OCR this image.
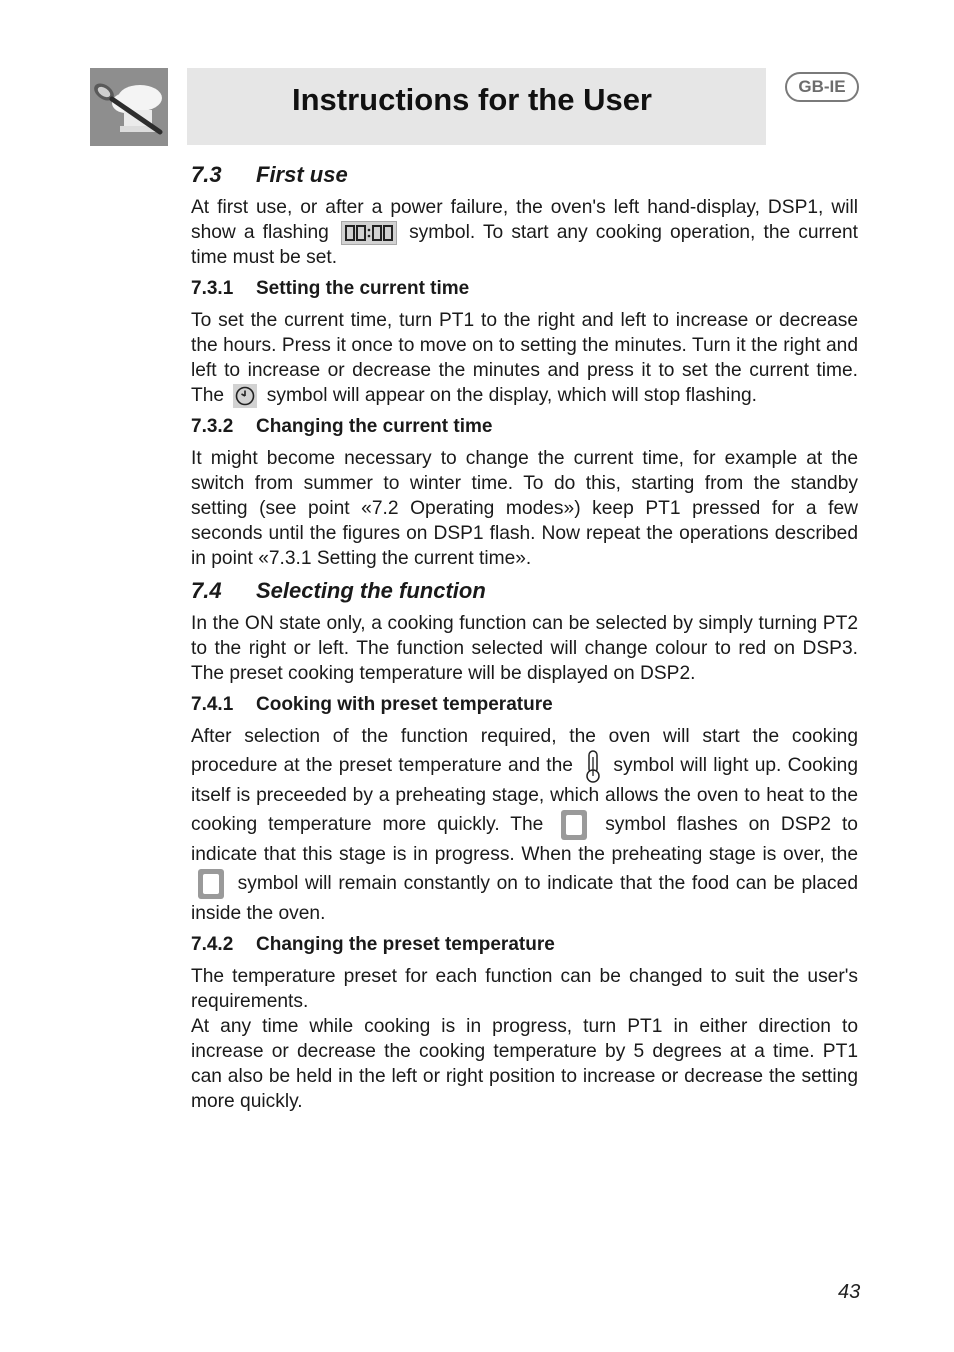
Instructions for the User	GB-IE
7.3 First use

At first use, or after a power failure, the oven's left hand-display, DSP1, will show a flashing	symbol. To start any cooking operation, the current time must be set.

7.3.1 Setting the current time

To set the current time, turn PT1 to the right and left to increase or decrease the hours. Press it once to move on to setting the minutes. Turn it the right and left to increase or decrease the minutes and press it to set the current time. The symbol will appear on the display, which will stop flashing.

7.3.2 Changing the current time

It might become necessary to change the current time, for example at the switch from summer to winter time. To do this, starting from the standby setting (see point «7.2 Operating modes») keep PT1 pressed for a few seconds until the figures on DSP1 flash. Now repeat the operations described in point «7.3.1 Setting the current time».

7.4 Selecting the function

In the ON state only, a cooking function can be selected by simply turning PT2 to the right or left. The function selected will change colour to red on DSP3. The preset cooking temperature will be displayed on DSP2.

7.4.1 Cooking with preset temperature

After selection of the function required, the oven will start the cooking procedure at the preset temperature and the symbol will light up. Cooking itself is preceeded by a preheating stage, which allows the oven to heat to the cooking temperature more quickly. The	symbol flashes on DSP2 to indicate that this stage is in progress. When the preheating stage is over, the
symbol will remain constantly on to indicate that the food can be placed inside the oven.

7.4.2 Changing the preset temperature

The temperature preset for each function can be changed to suit the user's requirements.

At any time while cooking is in progress, turn PT1 in either direction to increase or decrease the cooking temperature by 5 degrees at a time. PT1 can also be held in the left or right position to increase or decrease the setting more quickly.

43
